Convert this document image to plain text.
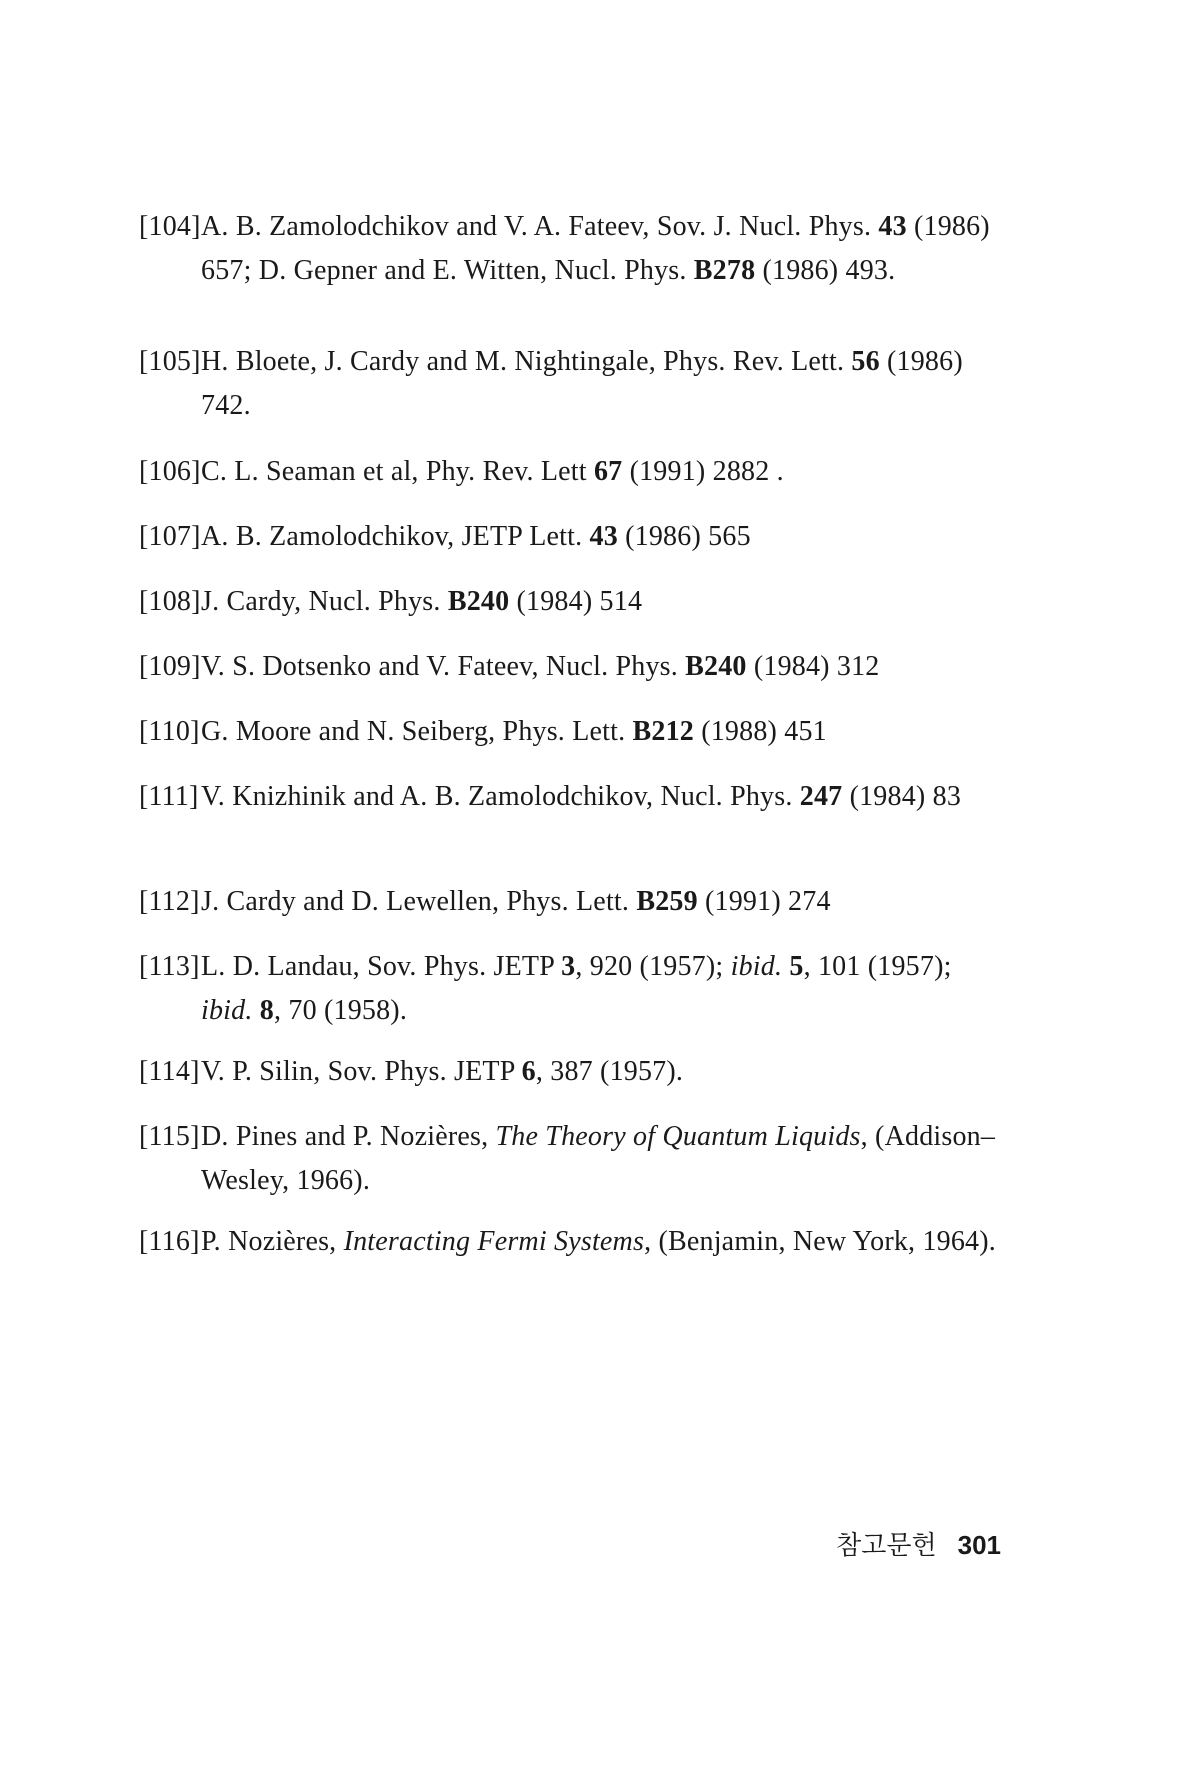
[104] A. B. Zamolodchikov and V. A. Fateev, Sov. J. Nucl. Phys. 43 (1986) 657; D. Gepner and E. Witten, Nucl. Phys. B278 (1986) 493.
[105] H. Bloete, J. Cardy and M. Nightingale, Phys. Rev. Lett. 56 (1986) 742.
[106] C. L. Seaman et al, Phy. Rev. Lett 67 (1991) 2882 .
[107] A. B. Zamolodchikov, JETP Lett. 43 (1986) 565
[108] J. Cardy, Nucl. Phys. B240 (1984) 514
[109] V. S. Dotsenko and V. Fateev, Nucl. Phys. B240 (1984) 312
[110] G. Moore and N. Seiberg, Phys. Lett. B212 (1988) 451
[111] V. Knizhinik and A. B. Zamolodchikov, Nucl. Phys. 247 (1984) 83
[112] J. Cardy and D. Lewellen, Phys. Lett. B259 (1991) 274
[113] L. D. Landau, Sov. Phys. JETP 3, 920 (1957); ibid. 5, 101 (1957); ibid. 8, 70 (1958).
[114] V. P. Silin, Sov. Phys. JETP 6, 387 (1957).
[115] D. Pines and P. Nozières, The Theory of Quantum Liquids, (Addison–Wesley, 1966).
[116] P. Nozières, Interacting Fermi Systems, (Benjamin, New York, 1964).
참고문헌 301
